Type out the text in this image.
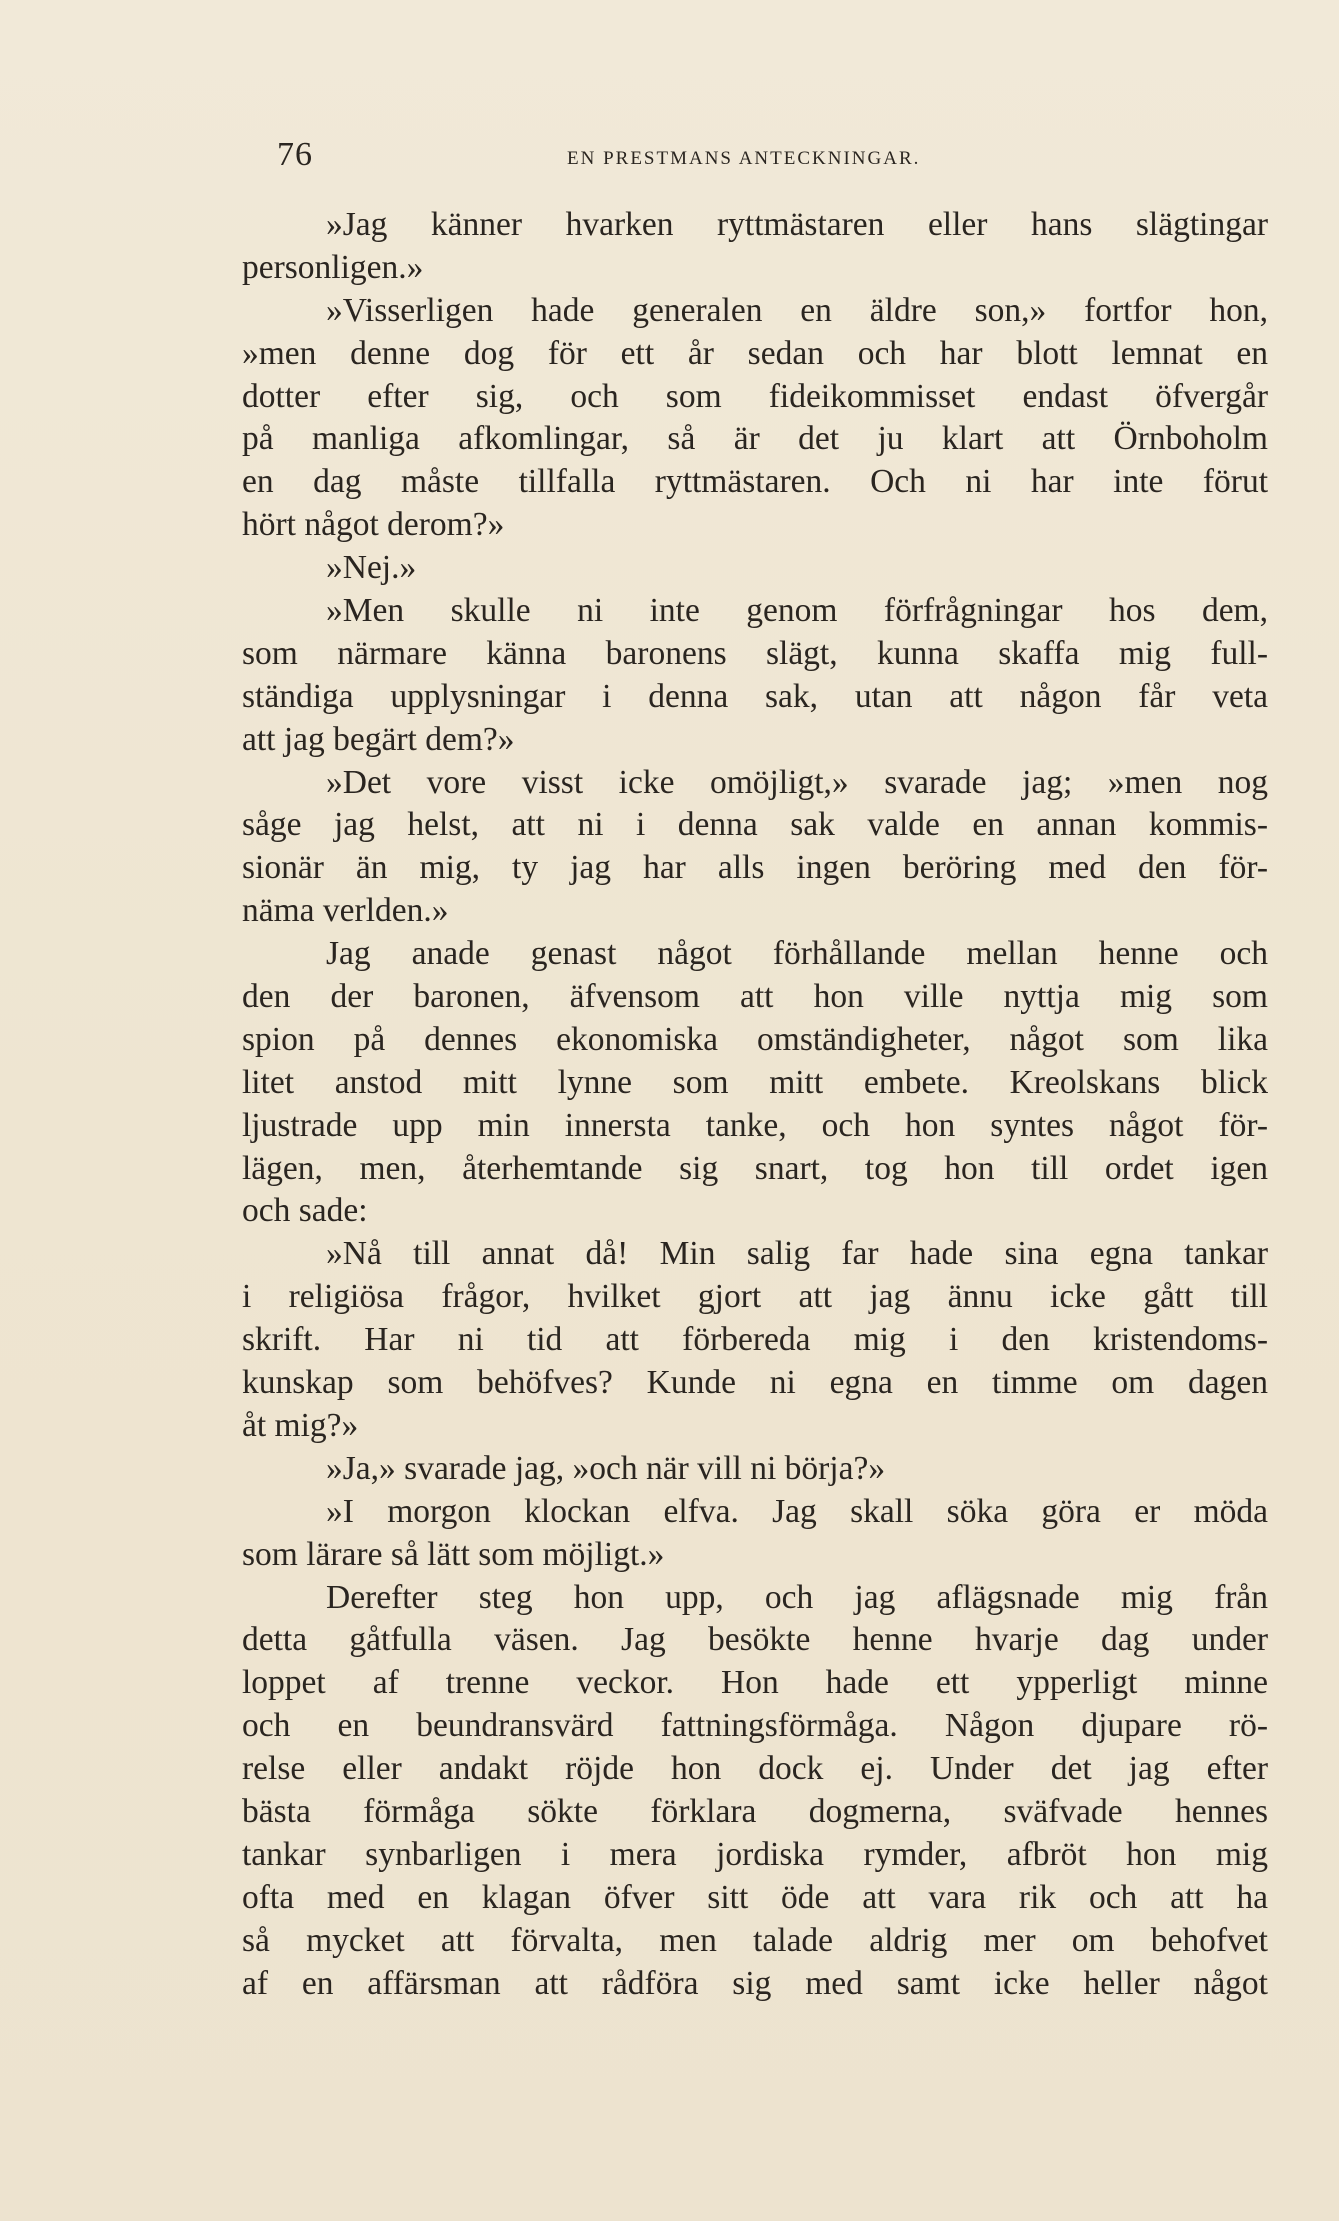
76	EN PRESTMANS ANTECKNINGAR.
»Jag känner hvarken ryttmästaren eller hans slägtingar
personligen.»
»Visserligen hade generalen en äldre son,» fortfor hon,
»men denne dog för ett år sedan och har blott lemnat en
dotter efter sig, och som fideikommisset endast öfvergår
på manliga afkomlingar, så är det ju klart att Örnboholm
en dag måste tillfalla ryttmästaren. Och ni har inte förut
hört något derom?»
»Nej.»
»Men skulle ni inte genom förfrågningar hos dem,
som närmare känna baronens slägt, kunna skaffa mig full-
ständiga upplysningar i denna sak, utan att någon får veta
att jag begärt dem?»
»Det vore visst icke omöjligt,» svarade jag; »men nog
såge jag helst, att ni i denna sak valde en annan kommis-
sionär än mig, ty jag har alls ingen beröring med den för-
näma verlden.»
Jag anade genast något förhållande mellan henne och
den der baronen, äfvensom att hon ville nyttja mig som
spion på dennes ekonomiska omständigheter, något som lika
litet anstod mitt lynne som mitt embete. Kreolskans blick
ljustrade upp min innersta tanke, och hon syntes något för-
lägen, men, återhemtande sig snart, tog hon till ordet igen
och sade:
»Nå till annat då! Min salig far hade sina egna tankar
i religiösa frågor, hvilket gjort att jag ännu icke gått till
skrift. Har ni tid att förbereda mig i den kristendoms-
kunskap som behöfves? Kunde ni egna en timme om dagen
åt mig?»
»Ja,» svarade jag, »och när vill ni börja?»
»I morgon klockan elfva. Jag skall söka göra er möda
som lärare så lätt som möjligt.»
Derefter steg hon upp, och jag aflägsnade mig från
detta gåtfulla väsen. Jag besökte henne hvarje dag under
loppet af trenne veckor. Hon hade ett ypperligt minne
och en beundransvärd fattningsförmåga. Någon djupare rö-
relse eller andakt röjde hon dock ej. Under det jag efter
bästa förmåga sökte förklara dogmerna, sväfvade hennes
tankar synbarligen i mera jordiska rymder, afbröt hon mig
ofta med en klagan öfver sitt öde att vara rik och att ha
så mycket att förvalta, men talade aldrig mer om behofvet
af en affärsman att rådföra sig med samt icke heller något
